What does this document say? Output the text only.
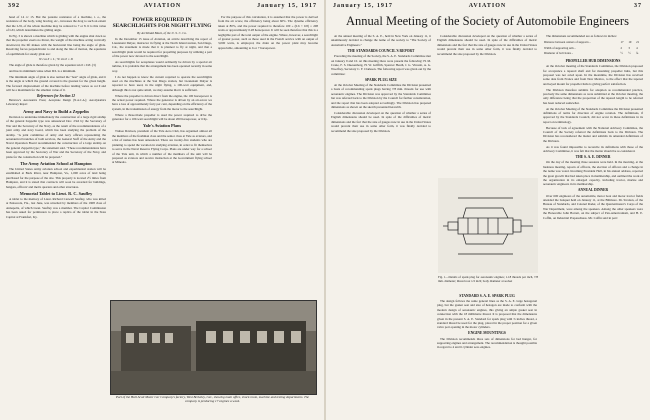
392	AVIATION	January 15, 1917

head of 14 cc 15. But the parasite resistance of a machine, i. e., the resistance of the body, wing bracing, etc., increases the drag to such an extent that the L/D, of the whole machine may be reduced to 7 or 8. It is this value of L/D, which determines the gliding angle.

In Fig. 3 is shown a machine which is gliding with the engine shut down so that the propeller exerts no thrust, the weight of the machine acting vertically downward, the lift makes with the horizontal line being the angle of glide. Resolving forces perpendicular to and along the line of motion, the equations of equilibrium for steady glide are:

W cos θ = L ; W sin θ = D

The angle of glide is therefore given by the equation tan θ = D/L (3)

and has its minimum value when D/L is a minimum.

The minimum angle of glide is also termed the "best" angle of glide, and it is the angle at which the ground covered is the greatest for the given height. The forward displacement of the machine before landing varies as cot θ and will be a maximum for the smallest value of θ.

References for Section 12

Bairstow's Aeronautics Press; Aeroplane Design (N.A.C.A.); Aerodynamics Laboratory Report

Army and Navy to Build a Zeppelin

Decision to undertake immediately the construction of a large rigid airship of the general Zeppelin type was announced Dec. 23rd by the Secretary of War and the Secretary of the Navy, as the result of the recommendations of a joint army and navy board, which has been studying the problem of the airship. "A joint committee of army and navy officers representing the aeronautical branches of both services, the General Staff of the Army and the Naval Operation Board recommended the construction of a large airship on the general Zeppelin type," the statement said. "These recommendations have been approved by the Secretary of War and the Secretary of the Navy, and plans for the construction will be prepared."

The Army Aviation School at Hampton

The United States Army aviation school and experimental station will be established at Back River, near Hampton, Va., 1,000 acres of land being purchased for the purpose of the site. This property is located 2½ miles from Hampton, and it is stated that contracts will soon be awarded for buildings, hangars, officers' and men's quarters and other structures.

Memorial Tablet to Lieut. R. C. Saufley

A tablet to the memory of Lieut. Richard Caswell Saufley, who was killed at Pensacola, Fla., last June, was unveiled by members of the 1908 class of Annapolis, of which Lieut. Saufley was a member. The Capitol Commission has been asked for permission to place a replica of the tablet in the State Capitol at Frankfort, Ky.

POWER REQUIRED IN SEARCHLIGHTS FOR NIGHT FLYING

By Archibald Black, of the U. S. C. Co.

In the December 15 issue of Aviation, an article describing the report of Lieutenant Dalyer, instructor in flying at the North Island station, San Diego, Cal., the statement is made that it is planned to fly at night, and that a searchlight plant would be required for propelling purposes by utilizing a part of the power now devoted to the searchlight.

As searchlights for aeroplanes would ordinarily be driven by a special air turbine, it is probable that the arrangement has been operated recently in some way.

I do not happen to know the current required to operate the searchlights used on the machines at the San Diego station, but Lieutenant Dalyer is reported to have used, in the night flying, a 100-watt equipment, and, although this is not quite small, we may assume that it is sufficient.

Where the propeller is driven direct from the engine, the 100 horsepower is the actual power required. Where the generator is driven by an air-screw we have a loss of approximately forty per cent, depending on the efficiency of the system, in the transmission of energy from the motor to the searchlight.

Where a three-blade propeller is used the power required to drive the generator for a 100-watt searchlight will be about 200 horsepower, or 6 hp.

Yale's Aviation Plans

Trubee Davison, president of the Yale Aero Club, has organized almost all the members of the freshman class and the senior class at Yale as aviators, and a list of names has been announced. There are twenty-five students who are planning to spend the vacation in studying aviation, in order to fit themselves to serve in the Naval Reserve Flying Corps. Plans are under way for a school of the Yale unit, in which a number of the members of the unit will be prepared as aviators and receive instruction at the Government flying school at Mineola.

For the purpose of this calculation, it is assumed that the power is derived from the air screw, the efficiency being about 60%. The dynamo efficiency taken at 80%, and the power required is therefore 100 ÷ (0.6 × 0.8) = 208 watts or approximately 0.28 horsepower. It will be seen therefore that this is a negligible part of the total output of the engine. Where, however, a searchlight of greater power, such as those used in the French service with an output of 3,000 watts, is employed, the drain on the power plant may become appreciable, amounting to 6 or 7 horsepower.

Part of the Hall-Scott Motor Car Company's factory, West Berkeley, Cal., showing main office, shock room, machine and testing departments. The company is producing 17 engines a week.
January 15, 1917	AVIATION	37
Annual Meeting of the Society of Automobile Engineers

At the annual meeting of the S. A. E., held in New York on January 11, it unanimously decided to change the name of the society to "The Society of Automotive Engineers."

THE STANDARDS COUNCIL'S REPORT

Preceding the meeting of the Society, the S. A. E. Standards Committee met on January 9 and 10. At this meeting there were present the following: H. M. Crane, F. S. Duesenberg, H. W. Griffith, Spencer Heath, J. G. Vincent, A. G. Woolfrey, Secretary C. F. Clarkson. The following report was given out by the committee:

SPARK PLUG SIZE

At the October Meeting of the Standards Committee the Division presented a basis of recommending spark plugs having 7/8 mm. threads for use with aeronautic engines. The Division was approved by the Standards Committee but was referred back to the Division by the Council for further consideration, and the report that has been adopted accordingly. The Division has prepared dimensions as shown on the sketch presented herewith.

Considerable discussion developed on the question of whether a series of English dimensions should be used. In spite of the difficulties of metric dimensions and the fact that the size of gauges now in use in the United States would prevent their use in some other form, it was finally decided to recommend the size proposed by the Division.

Considerable discussion developed on the question of whether a series of English dimensions should be used. In spite of the difficulties of metric dimensions and the fact that the size of gauges now in use in the United States would prevent their use in some other form, it was finally decided to recommend the size proposed by the Division.

Fig. 1—Details of spark plug for aeronautic engines; 1.18 threads per inch, 7/8 mm. diameter; thread root 1/2 inch; body diameter at socket
STANDARD S. A. E. SPARK PLUG

The design follows the same general lines as the S. A. E. large hexagonal plug, but the gasket seat and size of hexagon are made to conform with the modern design of aeronautic engines, this giving an ample gasket seat in connection with the 18 millimetre thread. It is proposed that the dimensions given in the present S. A. E. Standard for spark plug with ⅞ inches thread, a standard thread be used for the plug, placed in the proper position for a given valve port opening in the motor cylinders.

ENGINE MOUNTINGS

The Division recommends three sets of dimensions for bed hanger, for supporting engines and arrangement. The recommendation is thought possible in regard to 4 and 6 cylinder aero engines.

The dimensions recommended are as follows in inches:

Distance between centers of supports ..	17	19	21
Width of supporting arm ..	2	3	4
Diameter of bolt holes ..	½	½	¾
PROPELLER HUB DIMENSIONS

At the October meeting of the Standards Committee, the Division proposed for acceptance a tapered shaft end for mounting propeller hubs, but this proposal was not acted upon. In the meantime, the Division has received some data from France and from New Mexico, to the effect that the tapered and keyed mount for propeller hubs is giving perfect satisfaction.

The Division therefore submits for adoption as recommended practice, precisely the same dimensions as were submitted at the October meeting, the only difference being that the proportion of the tapered length to be referred has been reduced somewhat.

At the October Meeting of the Standards Committee the Division presented definitions of terms for direction of engine rotation. The definitions, if approved by the Standards Council, did not occur in these definitions in its report on terminology.

Because of lack of agreement with the National Advisory Committee, the Council of the Society referred the definitions back to the Division. The Division has reconsidered the matter and submits its amended definitions of the Division.

As it was found impossible to reconcile its definitions with those of the Advisory Committee, it was felt that the matter should be re-considered.

THE S. A. E. DINNER

On the day of the meeting three sessions were held. In the morning, at the business meeting, reports of officers, the election of officers and a change in the name was voted. Incoming President Hall, in his annual address, reported the great growth that had taken place in membership, and outlined the work of the organization in its enlarged capacity, including tractor, marine and aeronautic engineers in its membership.

ANNUAL DINNER

Over 600 engineers of the automobile, motor boat and motor tractor fields attended the banquet held on January 11, at the Biltmore. Dr. Stratton, of the Bureau of Standards, and Colonel Rader, of the Quartermaster's Corps of the War Department, were among the speakers. Among the other speakers were the Honorable John Barrett, on the subject of Pan-Americanism, and H. E. Coffin, on Industrial Preparedness. Mr. Coffin said in part:
